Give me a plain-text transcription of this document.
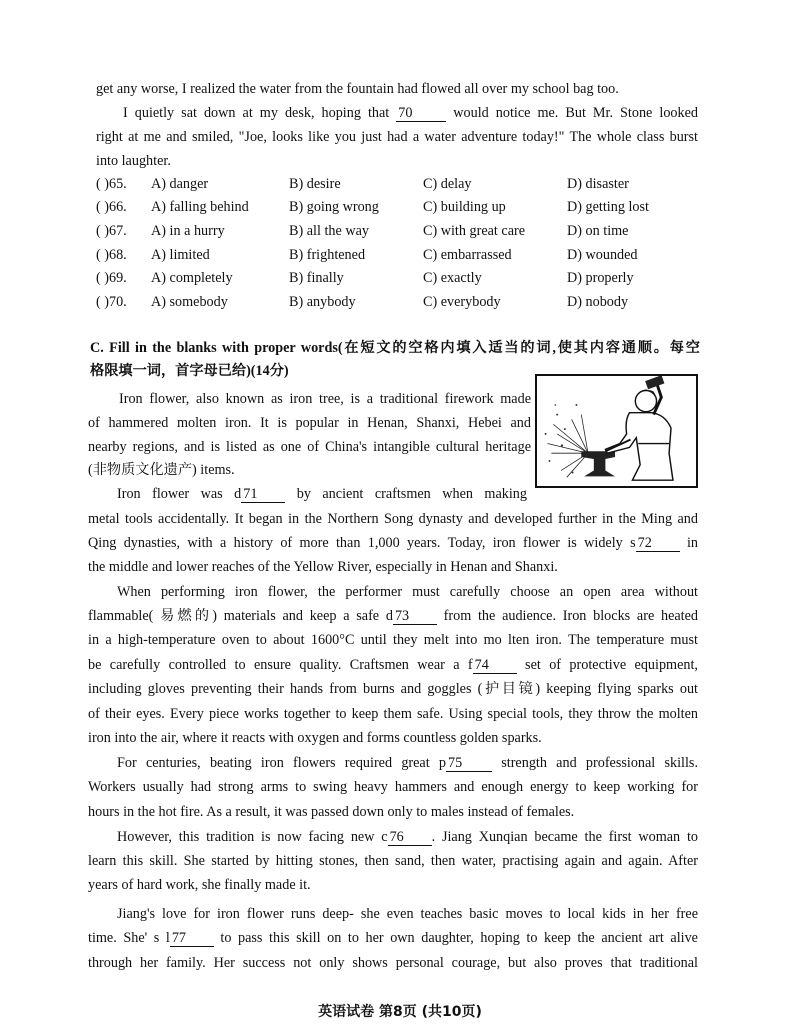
get any worse, I realized the water from the fountain had flowed all over my school bag too.
I quietly sat down at my desk, hoping that 70 would notice me. But Mr. Stone looked
right at me and smiled, "Joe, looks like you just had a water adventure today!" The whole class burst
into laughter.
( )65. A) danger	B) desire	C) delay	D) disaster
( )66. A) falling behind	B) going wrong	C) building up	D) getting lost
( )67. A) in a hurry	B) all the way	C) with great care	D) on time
( )68. A) limited	B) frightened	C) embarrassed	D) wounded
( )69. A) completely	B) finally	C) exactly	D) properly
( )70. A) somebody	B) anybody	C) everybody	D) nobody
C. Fill in the blanks with proper words(在短文的空格内填入适当的词,使其内容通顺。每空
格限填一词，首字母已给)(14分)
Iron flower, also known as iron tree, is a traditional firework made
of hammered molten iron. It is popular in Henan, Shanxi, Hebei and
nearby regions, and is listed as one of China's intangible cultural heritage
(非物质文化遗产) items.
Iron flower was d 71 by ancient craftsmen when making
metal tools accidentally. It began in the Northern Song dynasty and developed further in the Ming and
Qing dynasties, with a history of more than 1,000 years. Today, iron flower is widely s 72 in
the middle and lower reaches of the Yellow River, especially in Henan and Shanxi.
When performing iron flower, the performer must carefully choose an open area without
flammable( 易燃的) materials and keep a safe d 73 from the audience. Iron blocks are heated
in a high-temperature oven to about 1600°C until they melt into mo lten iron. The temperature must
be carefully controlled to ensure quality. Craftsmen wear a f 74 set of protective equipment,
including gloves preventing their hands from burns and goggles (护目镜) keeping flying sparks out
of their eyes. Every piece works together to keep them safe. Using special tools, they throw the molten
iron into the air, where it reacts with oxygen and forms countless golden sparks.
For centuries, beating iron flowers required great p 75 strength and professional skills.
Workers usually had strong arms to swing heavy hammers and enough energy to keep working for
hours in the hot fire. As a result, it was passed down only to males instead of females.
However, this tradition is now facing new c 76 . Jiang Xunqian became the first woman to
learn this skill. She started by hitting stones, then sand, then water, practising again and again. After
years of hard work, she finally made it.
Jiang's love for iron flower runs deep- she even teaches basic moves to local kids in her free
time. She' s l 77 to pass this skill on to her own daughter, hoping to keep the ancient art alive
through her family. Her success not only shows personal courage, but also proves that traditional
英语试卷 第8页 (共10页)
